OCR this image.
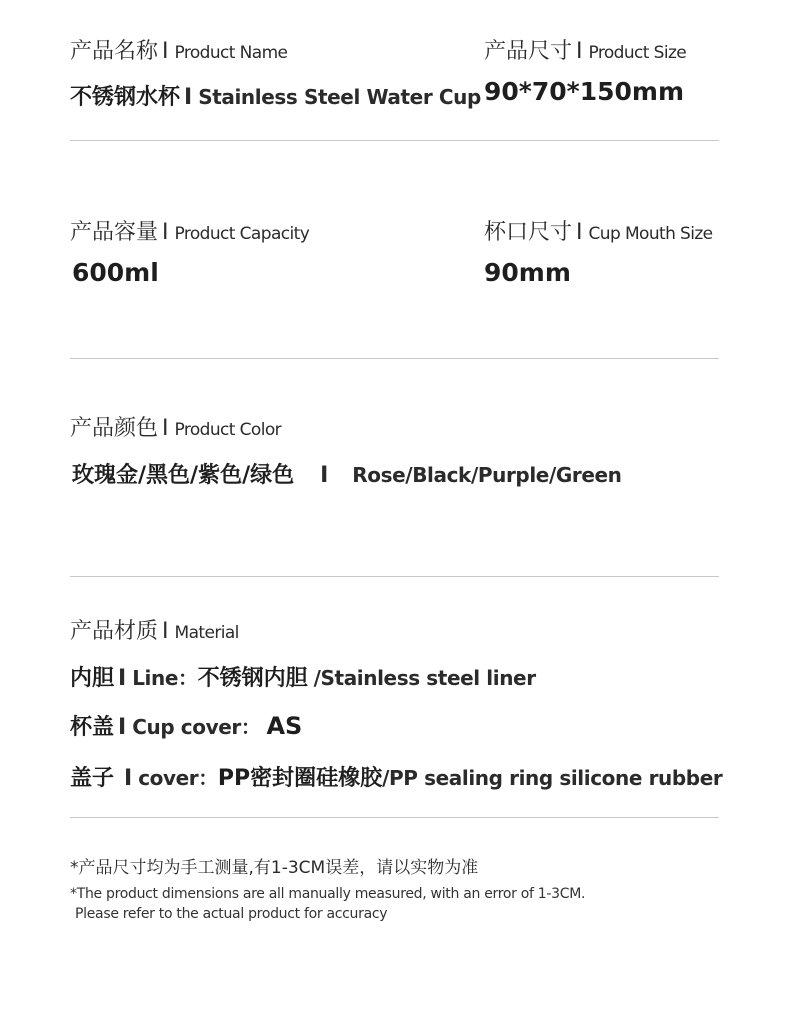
产品名称 I Product Name
不锈钢水杯 I Stainless Steel Water Cup
产品尺寸 I Product Size
90*70*150mm
产品容量 I Product Capacity
600ml
杯口尺寸 I Cup Mouth Size
90mm
产品颜色 I Product Color
玫瑰金/黑色/紫色/绿色 I Rose/Black/Purple/Green
产品材质 I Material
内胆 I Line：不锈钢内胆 /Stainless steel liner
杯盖 I Cup cover： AS
盖子 I cover：PP密封圈硅橡胶/PP sealing ring silicone rubber
*产品尺寸均为手工测量,有1-3CM误差，请以实物为准
*The product dimensions are all manually measured, with an error of 1-3CM.
Please refer to the actual product for accuracy
